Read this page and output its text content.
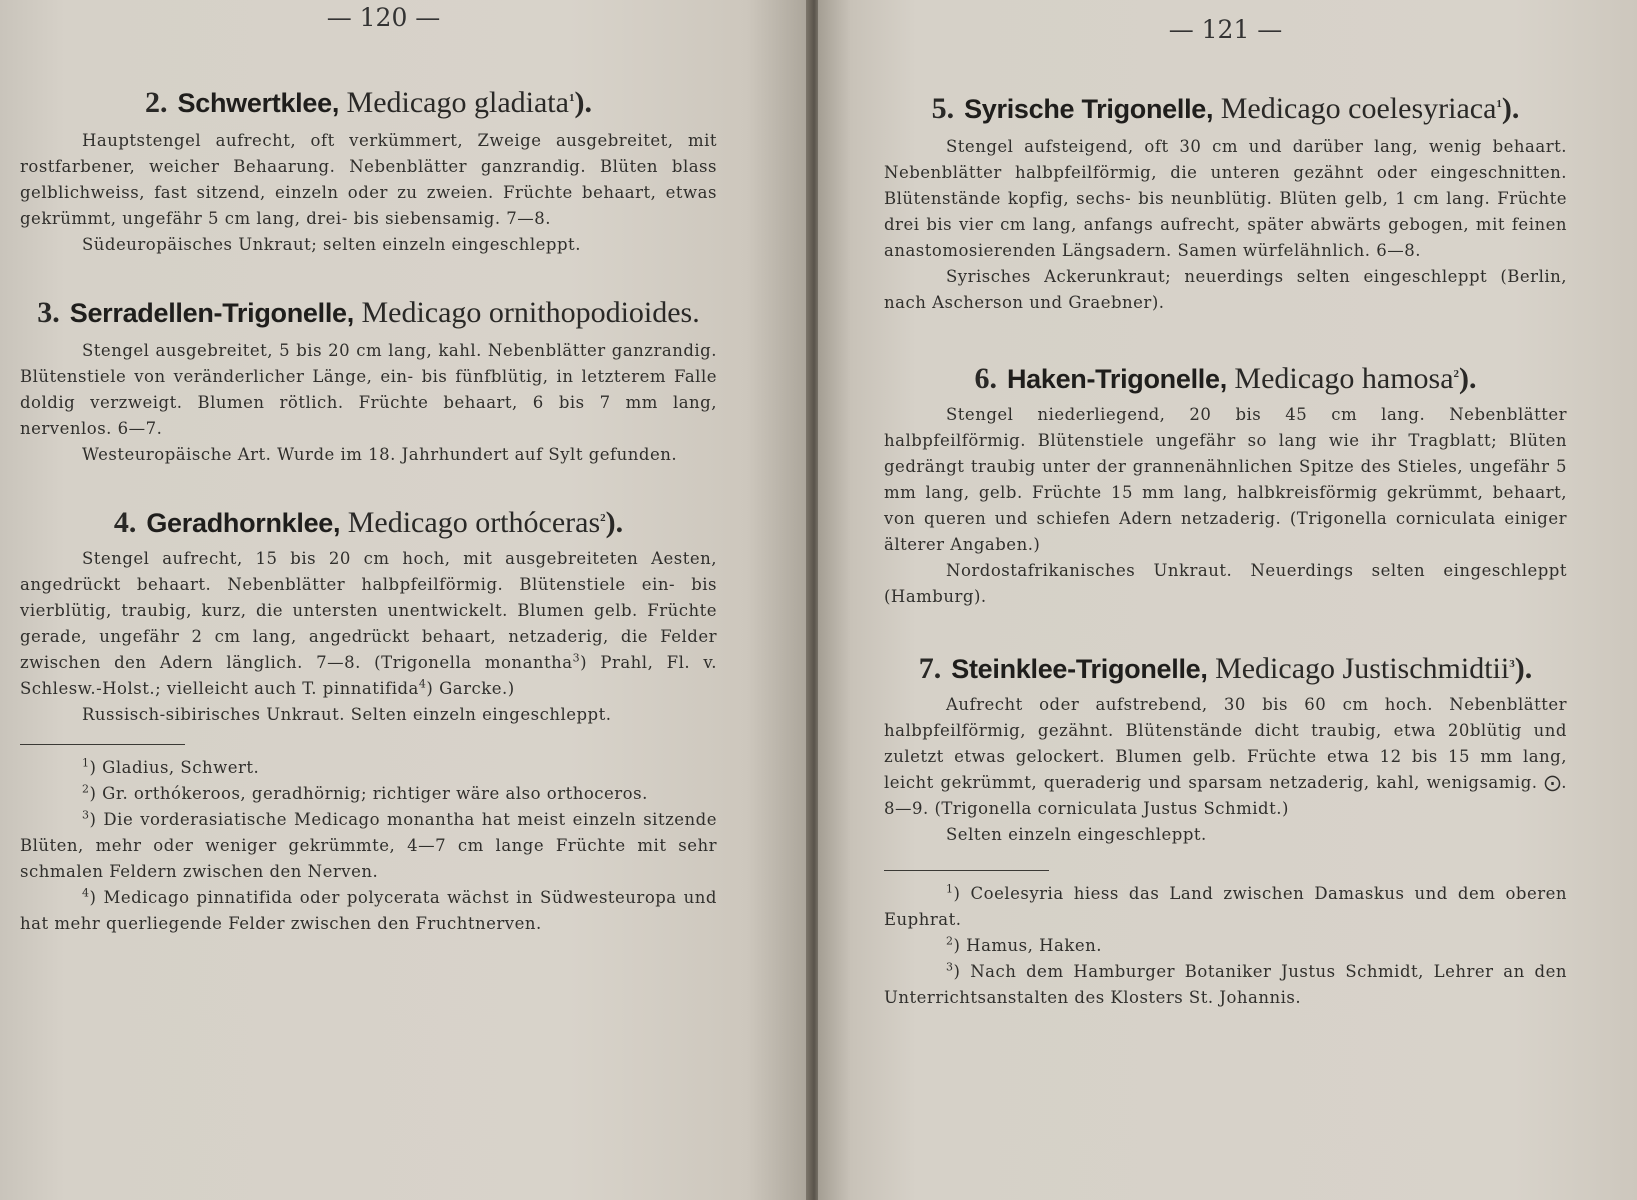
— 120 —
2. Schwertklee, Medicago gladiata$^1$).

Hauptstengel aufrecht, oft verkümmert, Zweige ausgebreitet, mit rostfarbener, weicher Behaarung. Nebenblätter ganzrandig. Blüten blass gelblichweiss, fast sitzend, einzeln oder zu zweien. Früchte behaart, etwas gekrümmt, ungefähr 5 cm lang, drei- bis siebensamig. 7—8.

Südeuropäisches Unkraut; selten einzeln eingeschleppt.

3. Serradellen-Trigonelle, Medicago ornithopodioides.

Stengel ausgebreitet, 5 bis 20 cm lang, kahl. Nebenblätter ganzrandig. Blütenstiele von veränderlicher Länge, ein- bis fünfblütig, in letzterem Falle doldig verzweigt. Blumen rötlich. Früchte behaart, 6 bis 7 mm lang, nervenlos. 6—7.

Westeuropäische Art. Wurde im 18. Jahrhundert auf Sylt gefunden.

4. Geradhornklee, Medicago orthóceras$^2$).

Stengel aufrecht, 15 bis 20 cm hoch, mit ausgebreiteten Aesten, angedrückt behaart. Nebenblätter halbpfeilförmig. Blütenstiele ein- bis vierblütig, traubig, kurz, die untersten unentwickelt. Blumen gelb. Früchte gerade, ungefähr 2 cm lang, angedrückt behaart, netzaderig, die Felder zwischen den Adern länglich. 7—8. (Trigonella monantha$^3$) Prahl, Fl. v. Schlesw.-Holst.; vielleicht auch T. pinnatifida$^4$) Garcke.)

Russisch-sibirisches Unkraut. Selten einzeln eingeschleppt.

$^1$) Gladius, Schwert.

$^2$) Gr. orthókeroos, geradhörnig; richtiger wäre also orthoceros.

$^3$) Die vorderasiatische Medicago monantha hat meist einzeln sitzende Blüten, mehr oder weniger gekrümmte, 4—7 cm lange Früchte mit sehr schmalen Feldern zwischen den Nerven.

$^4$) Medicago pinnatifida oder polycerata wächst in Südwesteuropa und hat mehr querliegende Felder zwischen den Fruchtnerven.

— 121 —
5. Syrische Trigonelle, Medicago coelesyriaca$^1$).

Stengel aufsteigend, oft 30 cm und darüber lang, wenig behaart. Nebenblätter halbpfeilförmig, die unteren gezähnt oder eingeschnitten. Blütenstände kopfig, sechs- bis neunblütig. Blüten gelb, 1 cm lang. Früchte drei bis vier cm lang, anfangs aufrecht, später abwärts gebogen, mit feinen anastomosierenden Längsadern. Samen würfelähnlich. 6—8.

Syrisches Ackerunkraut; neuerdings selten eingeschleppt (Berlin, nach Ascherson und Graebner).

6. Haken-Trigonelle, Medicago hamosa$^2$).

Stengel niederliegend, 20 bis 45 cm lang. Nebenblätter halbpfeilförmig. Blütenstiele ungefähr so lang wie ihr Tragblatt; Blüten gedrängt traubig unter der grannenähnlichen Spitze des Stieles, ungefähr 5 mm lang, gelb. Früchte 15 mm lang, halbkreisförmig gekrümmt, behaart, von queren und schiefen Adern netzaderig. (Trigonella corniculata einiger älterer Angaben.)

Nordostafrikanisches Unkraut. Neuerdings selten eingeschleppt (Hamburg).

7. Steinklee-Trigonelle, Medicago Justischmidtii$^3$).

Aufrecht oder aufstrebend, 30 bis 60 cm hoch. Nebenblätter halbpfeilförmig, gezähnt. Blütenstände dicht traubig, etwa 20blütig und zuletzt etwas gelockert. Blumen gelb. Früchte etwa 12 bis 15 mm lang, leicht gekrümmt, queraderig und sparsam netzaderig, kahl, wenigsamig. ⨀. 8—9. (Trigonella corniculata Justus Schmidt.)

Selten einzeln eingeschleppt.

$^1$) Coelesyria hiess das Land zwischen Damaskus und dem oberen Euphrat.

$^2$) Hamus, Haken.

$^3$) Nach dem Hamburger Botaniker Justus Schmidt, Lehrer an den Unterrichtsanstalten des Klosters St. Johannis.
